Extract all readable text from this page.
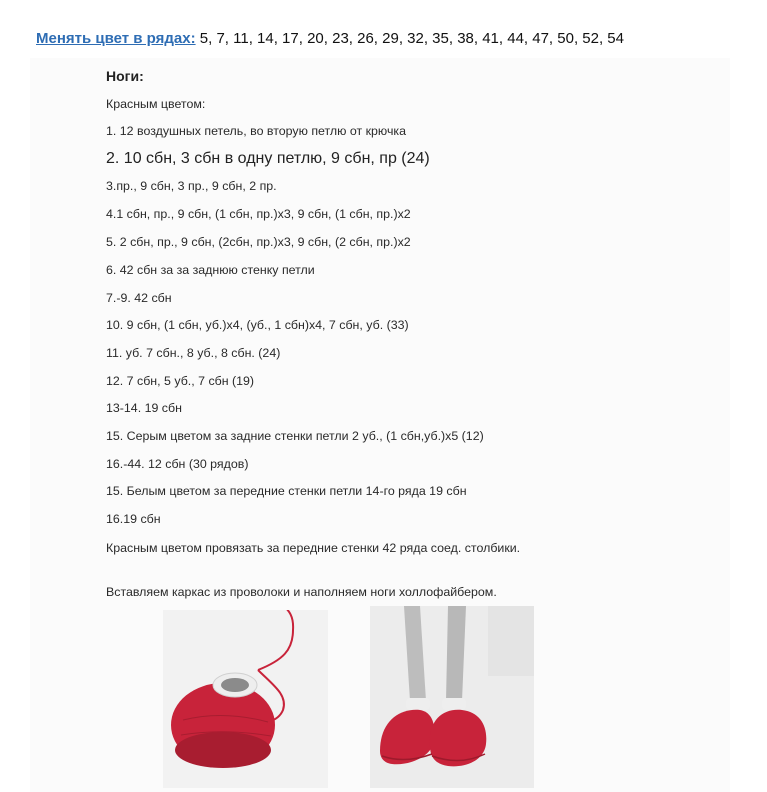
Менять цвет в рядах: 5, 7, 11, 14, 17, 20, 23, 26, 29, 32, 35, 38, 41, 44, 47, 50, 52, 54
Ноги:
Красным цветом:
1. 12 воздушных петель, во вторую петлю от крючка
2. 10 сбн, 3 сбн в одну петлю, 9 сбн, пр (24)
3.пр., 9 сбн, 3 пр., 9 сбн, 2 пр.
4.1 сбн, пр., 9 сбн, (1 сбн, пр.)х3, 9 сбн, (1 сбн, пр.)х2
5. 2 сбн, пр., 9 сбн, (2сбн, пр.)х3, 9 сбн, (2 сбн, пр.)х2
6. 42 сбн за за заднюю стенку петли
7.-9. 42 сбн
10. 9 сбн, (1 сбн, уб.)х4, (уб., 1 сбн)х4, 7 сбн, уб. (33)
11. уб. 7 сбн., 8 уб., 8 сбн. (24)
12. 7 сбн, 5 уб., 7 сбн (19)
13-14. 19 сбн
15. Серым цветом за задние стенки петли 2 уб., (1 сбн,уб.)х5 (12)
16.-44. 12 сбн (30 рядов)
15. Белым цветом за передние стенки петли 14-го ряда 19 сбн
16.19 сбн
Красным цветом провязать за передние стенки 42 ряда соед. столбики.
Вставляем каркас из проволоки и наполняем ноги холлофайбером.
